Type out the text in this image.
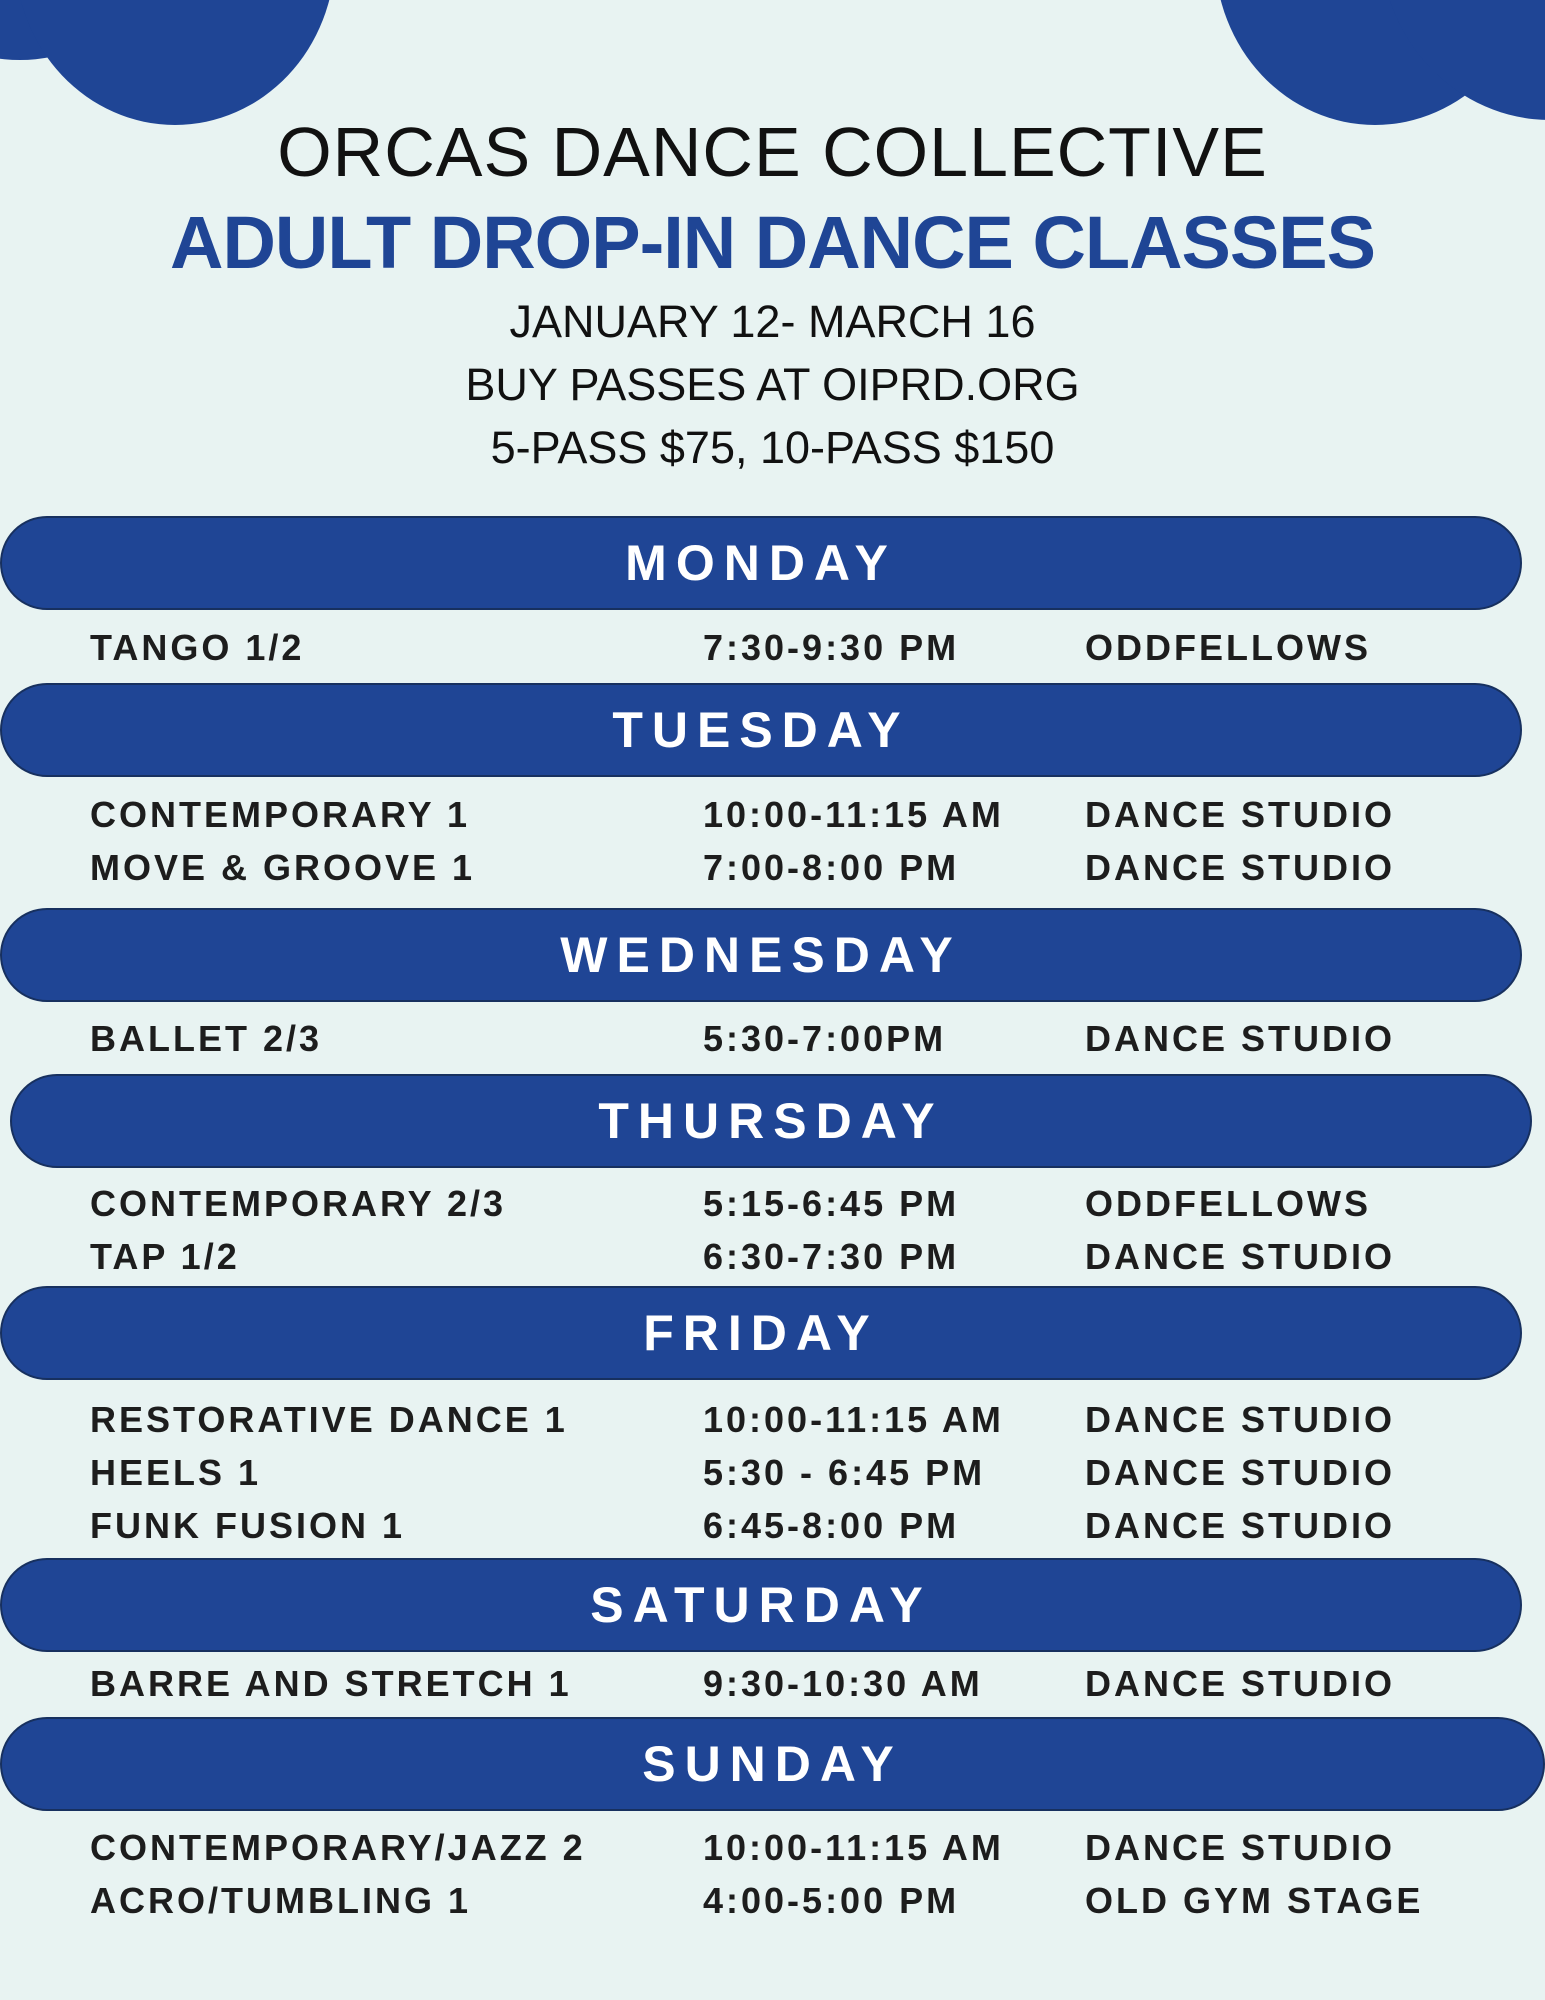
ORCAS DANCE COLLECTIVE
ADULT DROP-IN DANCE CLASSES
JANUARY 12- MARCH 16
BUY PASSES AT OIPRD.ORG
5-PASS $75, 10-PASS $150
MONDAY
TANGO 1/2	7:30-9:30 PM	ODDFELLOWS
TUESDAY
CONTEMPORARY 1	10:00-11:15 AM DANCE STUDIO
MOVE & GROOVE 1	7:00-8:00 PM	DANCE STUDIO
WEDNESDAY
BALLET 2/3	5:30-7:00PM	DANCE STUDIO
THURSDAY
CONTEMPORARY 2/3	5:15-6:45 PM	ODDFELLOWS
TAP 1/2	6:30-7:30 PM	DANCE STUDIO
FRIDAY
RESTORATIVE DANCE 1	10:00-11:15 AM DANCE STUDIO
HEELS 1	5:30 - 6:45 PM	DANCE STUDIO
FUNK FUSION 1	6:45-8:00 PM	DANCE STUDIO
SATURDAY
BARRE AND STRETCH 1	9:30-10:30 AM	DANCE STUDIO
SUNDAY
CONTEMPORARY/JAZZ 2	10:00-11:15 AM DANCE STUDIO
ACRO/TUMBLING 1	4:00-5:00 PM	OLD GYM STAGE
